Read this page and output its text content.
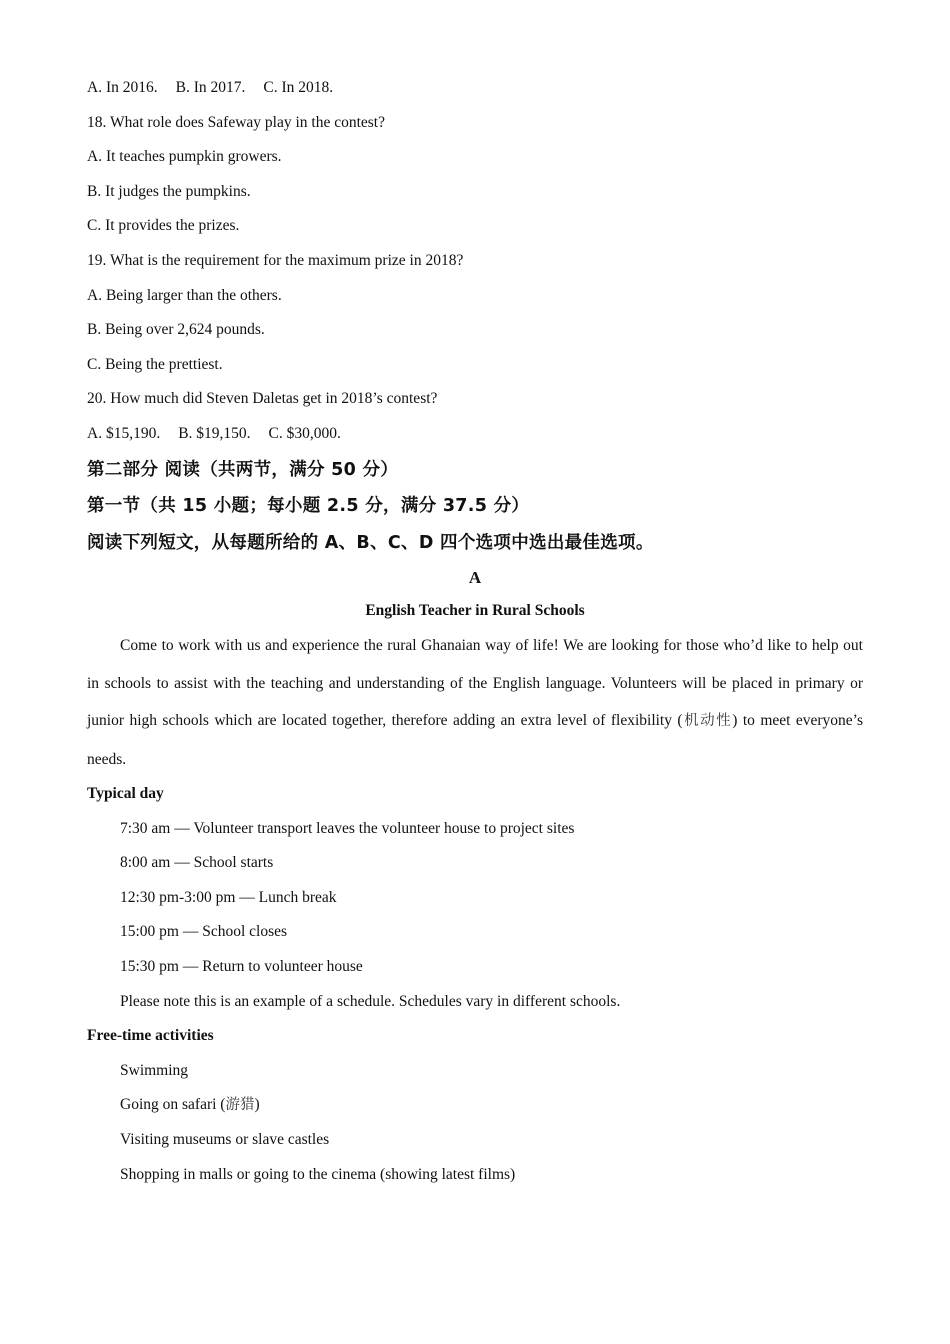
A. In 2016. B. In 2017. C. In 2018.
18. What role does Safeway play in the contest?
A. It teaches pumpkin growers.
B. It judges the pumpkins.
C. It provides the prizes.
19. What is the requirement for the maximum prize in 2018?
A. Being larger than the others.
B. Being over 2,624 pounds.
C. Being the prettiest.
20. How much did Steven Daletas get in 2018’s contest?
A. $15,190. B. $19,150. C. $30,000.
第二部分 阅读（共两节，满分 50 分）
第一节（共 15 小题；每小题 2.5 分，满分 37.5 分）
阅读下列短文，从每题所给的 A、B、C、D 四个选项中选出最佳选项。
A
English Teacher in Rural Schools
Come to work with us and experience the rural Ghanaian way of life! We are looking for those who’d like to help out in schools to assist with the teaching and understanding of the English language. Volunteers will be placed in primary or junior high schools which are located together, therefore adding an extra level of flexibility (机动性) to meet everyone’s needs.
Typical day
7:30 am — Volunteer transport leaves the volunteer house to project sites
8:00 am — School starts
12:30 pm-3:00 pm — Lunch break
15:00 pm — School closes
15:30 pm — Return to volunteer house
Please note this is an example of a schedule. Schedules vary in different schools.
Free-time activities
Swimming
Going on safari (游猎)
Visiting museums or slave castles
Shopping in malls or going to the cinema (showing latest films)
